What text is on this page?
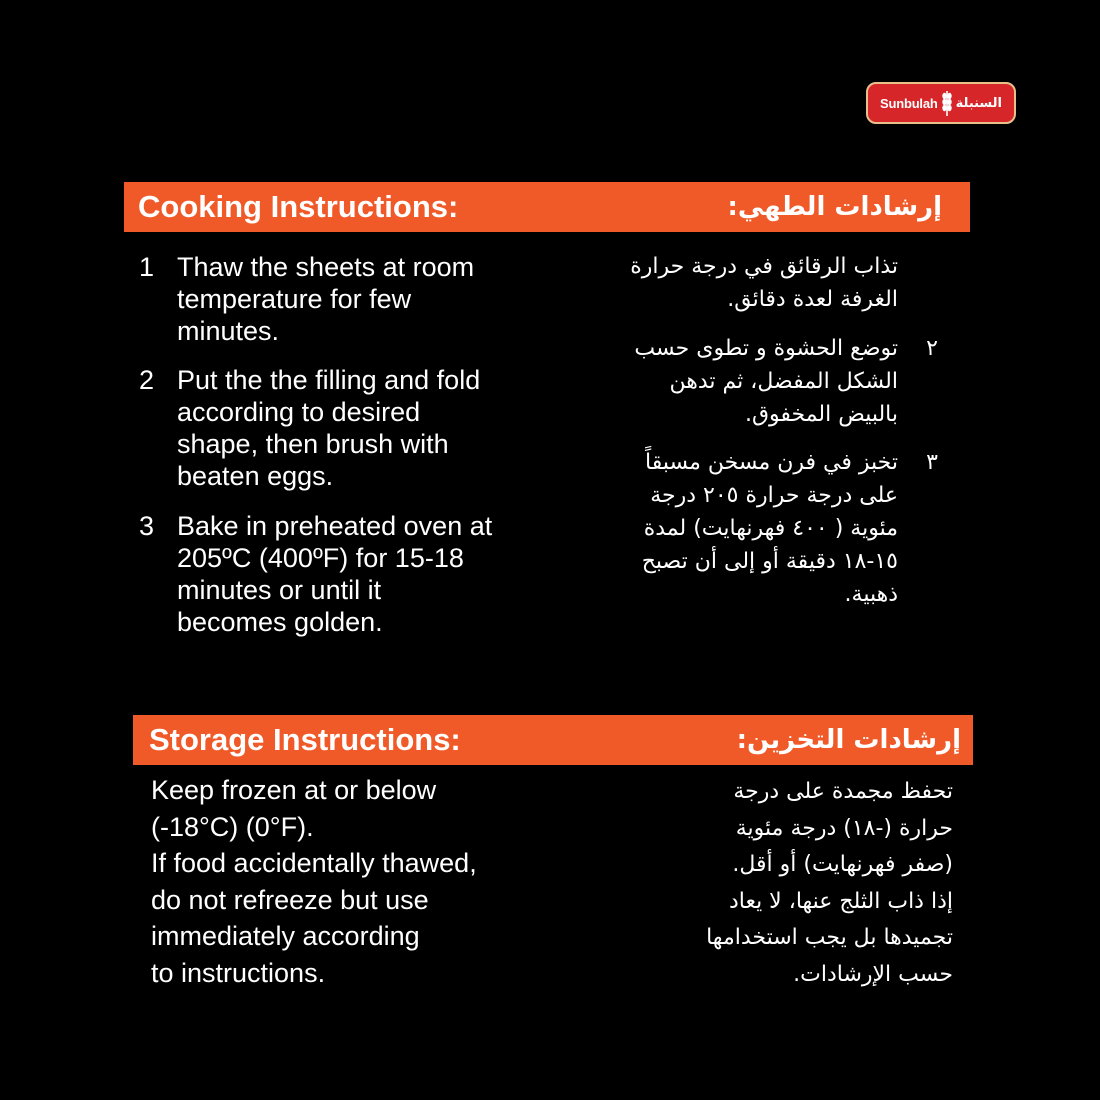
Sunbulah السنبلة
Cooking Instructions:	إرشادات الطهي:
1 Thaw the sheets at room
temperature for few
minutes.
2 Put the the filling and fold
according to desired
shape, then brush with
beaten eggs.
3 Bake in preheated oven at
205ºC (400ºF) for 15-18
minutes or until it
becomes golden.
تذاب الرقائق في درجة حرارة
الغرفة لعدة دقائق.
٢
توضع الحشوة و تطوى حسب
الشكل المفضل، ثم تدهن
بالبيض المخفوق.
٣
تخبز في فرن مسخن مسبقاً
على درجة حرارة ٢٠٥ درجة
مئوية ( ٤٠٠ فهرنهايت) لمدة
١٥-١٨ دقيقة أو إلى أن تصبح
ذهبية.
Storage Instructions:	إرشادات التخزين:
Keep frozen at or below
(-18°C) (0°F).
If food accidentally thawed,
do not refreeze but use
immediately according
to instructions.
تحفظ مجمدة على درجة
حرارة (-١٨) درجة مئوية
(صفر فهرنهايت) أو أقل.
إذا ذاب الثلج عنها، لا يعاد
تجميدها بل يجب استخدامها
حسب الإرشادات.
